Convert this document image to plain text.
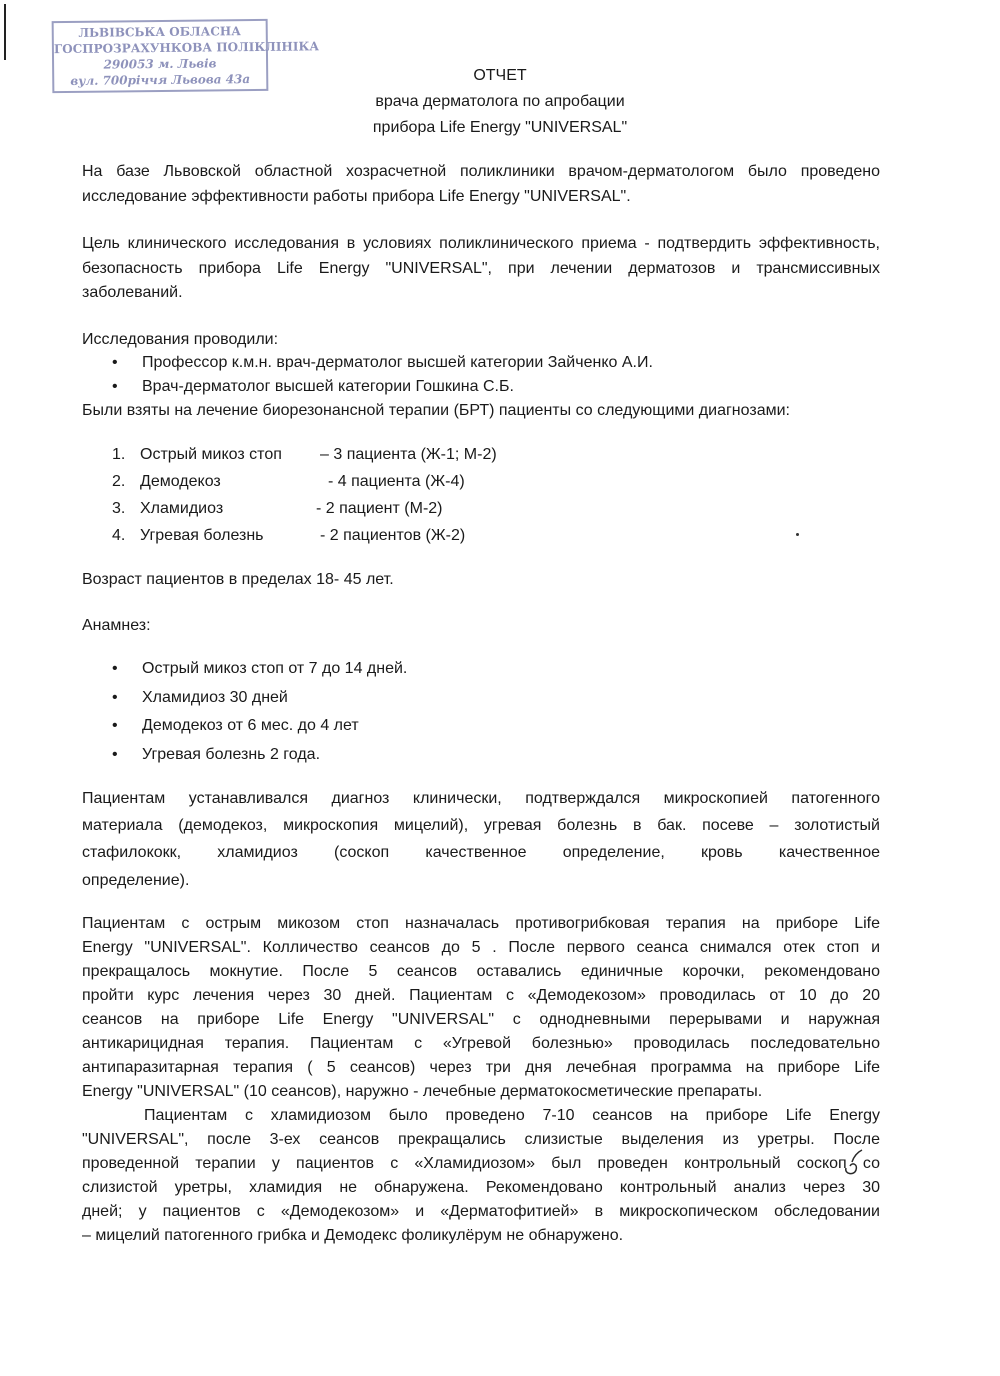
ЛЬВІВСЬКА ОБЛАСНА
ГОСПРОЗРАХУНКОВА ПОЛІКЛІНІКА
290053 м. Львів
вул. 700річчя Львова 43а	ОТЧЕТ
врача дерматолога по апробации
прибора Life Energy "UNIVERSAL"
На базе Львовской областной хозрасчетной поликлиники врачом-дерматологом было проведено исследование эффективности работы прибора Life Energy "UNIVERSAL".
Цель клинического исследования в условиях поликлинического приема - подтвердить эффективность, безопасность прибора Life Energy "UNIVERSAL", при лечении дерматозов и трансмиссивных заболеваний.
Исследования проводили:
• Профессор к.м.н. врач-дерматолог высшей категории Зайченко А.И.
• Врач-дерматолог высшей категории Гошкина С.Б.
Были взяты на лечение биорезонансной терапии (БРТ) пациенты со следующими диагнозами:
1. Острый микоз стоп – 3 пациента (Ж-1; М-2)
2. Демодекоз	- 4 пациента (Ж-4)
3. Хламидиоз	- 2 пациент (М-2)
4. Угревая болезнь	- 2 пациентов (Ж-2)
Возраст пациентов в пределах 18- 45 лет.
Анамнез:
• Острый микоз стоп от 7 до 14 дней.
• Хламидиоз 30 дней
• Демодекоз от 6 мес. до 4 лет
• Угревая болезнь 2 года.
Пациентам устанавливался диагноз клинически, подтверждался микроскопией патогенного
материала (демодекоз, микроскопия мицелий), угревая болезнь в бак. посеве – золотистый
стафилококк, хламидиоз (соскоп качественное определение, кровь качественное
определение).
Пациентам с острым микозом стоп назначалась противогрибковая терапия на приборе Life
Energy "UNIVERSAL". Колличество сеансов до 5 . После первого сеанса снимался отек стоп и
прекращалось мокнутие. После 5 сеансов оставались единичные корочки, рекомендовано
пройти курс лечения через 30 дней. Пациентам с «Демодекозом» проводилась от 10 до 20
сеансов на приборе Life Energy "UNIVERSAL" с однодневными перерывами и наружная
антикарицидная терапия. Пациентам с «Угревой болезнью» проводилась последовательно
антипаразитарная терапия ( 5 сеансов) через три дня лечебная программа на приборе Life
Energy "UNIVERSAL" (10 сеансов), наружно - лечебные дерматокосметические препараты.
Пациентам с хламидиозом было проведено 7-10 сеансов на приборе Life Energy
"UNIVERSAL", после 3-ех сеансов прекращались слизистые выделения из уретры. После
проведенной терапии у пациентов с «Хламидиозом» был проведен контрольный соскоп со
слизистой уретры, хламидия не обнаружена. Рекомендовано контрольный анализ через 30
дней; у пациентов с «Демодекозом» и «Дерматофитией» в микроскопическом обследовании
– мицелий патогенного грибка и Демодекс фоликулёрум не обнаружено.
